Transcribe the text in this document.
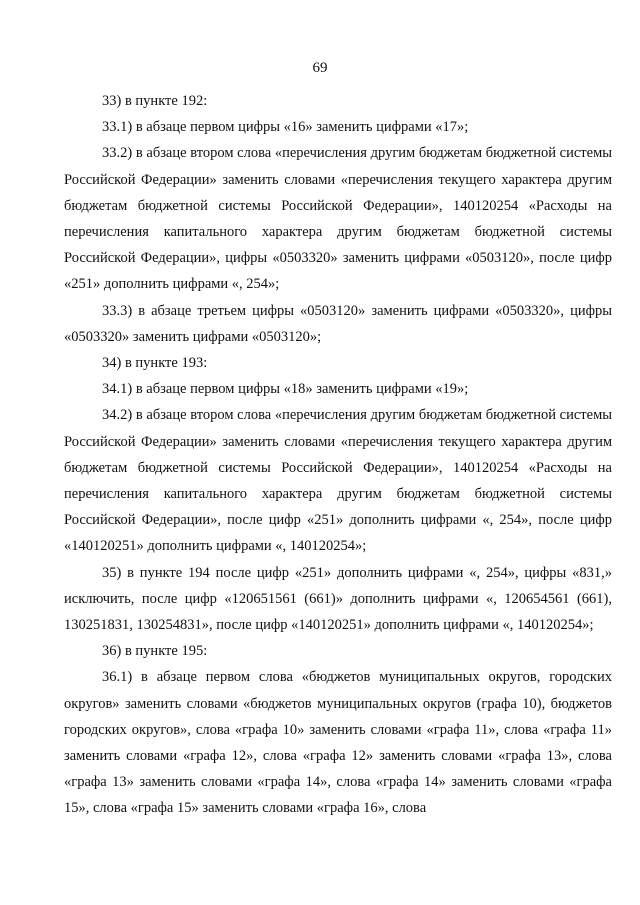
69

33) в пункте 192:

33.1) в абзаце первом цифры «16» заменить цифрами «17»;

33.2) в абзаце втором слова «перечисления другим бюджетам бюджетной системы Российской Федерации» заменить словами «перечисления текущего характера другим бюджетам бюджетной системы Российской Федерации», 140120254 «Расходы на перечисления капитального характера другим бюджетам бюджетной системы Российской Федерации», цифры «0503320» заменить цифрами «0503120», после цифр «251» дополнить цифрами «, 254»;

33.3) в абзаце третьем цифры «0503120» заменить цифрами «0503320», цифры «0503320» заменить цифрами «0503120»;

34) в пункте 193:

34.1) в абзаце первом цифры «18» заменить цифрами «19»;

34.2) в абзаце втором слова «перечисления другим бюджетам бюджетной системы Российской Федерации» заменить словами «перечисления текущего характера другим бюджетам бюджетной системы Российской Федерации», 140120254 «Расходы на перечисления капитального характера другим бюджетам бюджетной системы Российской Федерации», после цифр «251» дополнить цифрами «, 254», после цифр «140120251» дополнить цифрами «, 140120254»;

35) в пункте 194 после цифр «251» дополнить цифрами «, 254», цифры «831,» исключить, после цифр «120651561 (661)» дополнить цифрами «, 120654561 (661), 130251831, 130254831», после цифр «140120251» дополнить цифрами «, 140120254»;

36) в пункте 195:

36.1) в абзаце первом слова «бюджетов муниципальных округов, городских округов» заменить словами «бюджетов муниципальных округов (графа 10), бюджетов городских округов», слова «графа 10» заменить словами «графа 11», слова «графа 11» заменить словами «графа 12», слова «графа 12» заменить словами «графа 13», слова «графа 13» заменить словами «графа 14», слова «графа 14» заменить словами «графа 15», слова «графа 15» заменить словами «графа 16», слова
